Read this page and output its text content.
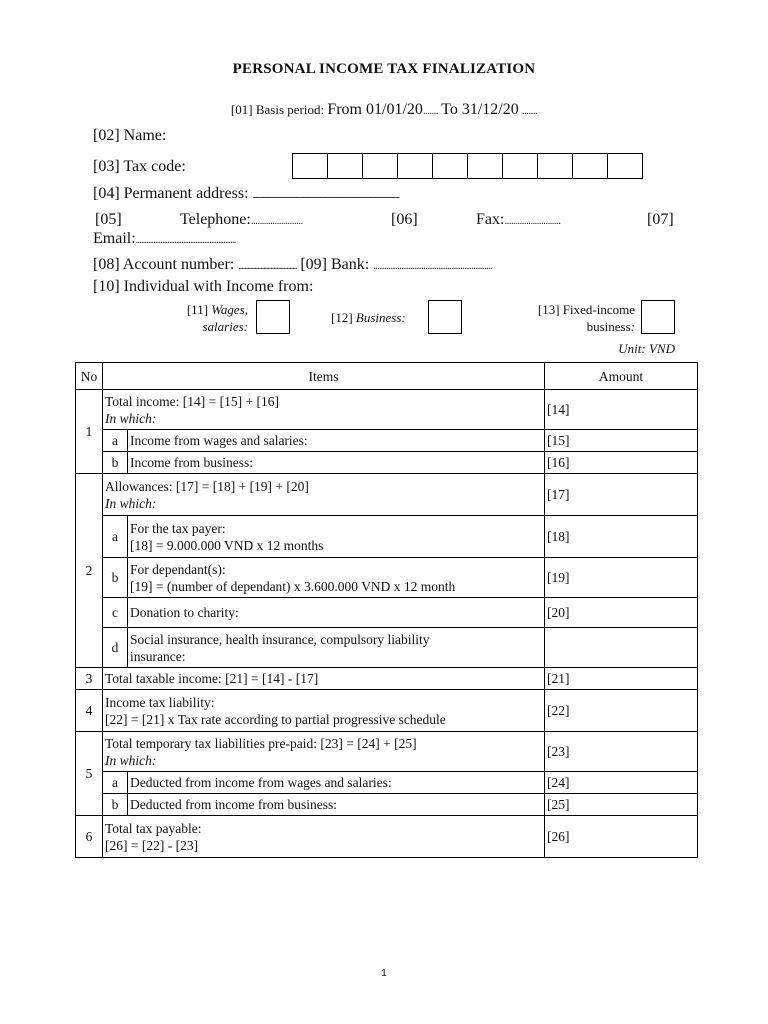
PERSONAL INCOME TAX FINALIZATION
[01] Basis period: From 01/01/20....... To 31/12/20 .......
[02] Name:
[03] Tax code:
[04] Permanent address: ............................................................................................................................................................................
[05]	Telephone:........................	[06]	Fax:..........................	[07]
Email:.........................................................
[08] Account number: ........................................ [09] Bank: ................................................................
[10] Individual with Income from:
[11] Wages,
salaries:
[12] Business:
[13] Fixed-income
business:
Unit: VND
No	Items		Amount
1	Total income: [14] = [15] + [16]
In which:		[14]
	a	Income from wages and salaries:	[15]
	b	Income from business:	[16]
2	Allowances: [17] = [18] + [19] + [20]
In which:		[17]
	a	For the tax payer:
[18] = 9.000.000 VND x 12 months	[18]
	b	For dependant(s):
[19] = (number of dependant) x 3.600.000 VND x 12 month	[19]
	c	Donation to charity:	[20]
	d	Social insurance, health insurance, compulsory liability
insurance:	
3	Total taxable income: [21] = [14] - [17]		[21]
4	Income tax liability:
[22] = [21] x Tax rate according to partial progressive schedule		[22]
5	Total temporary tax liabilities pre-paid: [23] = [24] + [25]
In which:		[23]
	a	Deducted from income from wages and salaries:	[24]
	b	Deducted from income from business:	[25]
6	Total tax payable:
[26] = [22] - [23]		[26]
1
